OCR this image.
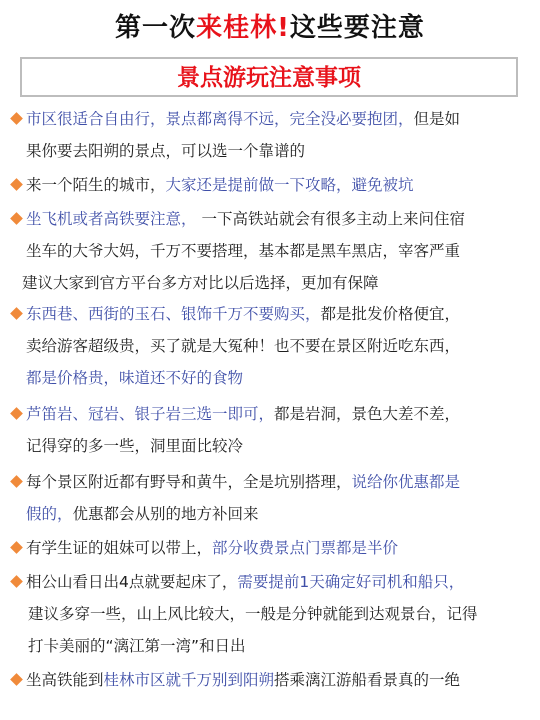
第一次来桂林!这些要注意
景点游玩注意事项
市区很适合自由行，景点都离得不远，完全没必要抱团，但是如
果你要去阳朔的景点，可以选一个靠谱的
来一个陌生的城市，大家还是提前做一下攻略，避免被坑
坐飞机或者高铁要注意， 一下高铁站就会有很多主动上来问住宿
坐车的大爷大妈，千万不要搭理，基本都是黑车黑店，宰客严重
建议大家到官方平台多方对比以后选择，更加有保障
东西巷、西街的玉石、银饰千万不要购买，都是批发价格便宜，
卖给游客超级贵，买了就是大冤种！也不要在景区附近吃东西，
都是价格贵，味道还不好的食物
芦笛岩、冠岩、银子岩三选一即可，都是岩洞，景色大差不差，
记得穿的多一些，洞里面比较冷
每个景区附近都有野导和黄牛，全是坑别搭理，说给你优惠都是
假的，优惠都会从别的地方补回来
有学生证的姐妹可以带上，部分收费景点门票都是半价
相公山看日出4点就要起床了，需要提前1天确定好司机和船只，
建议多穿一些，山上风比较大，一般是分钟就能到达观景台，记得
打卡美丽的“漓江第一湾”和日出
坐高铁能到桂林市区就千万别到阳朔搭乘漓江游船看景真的一绝
